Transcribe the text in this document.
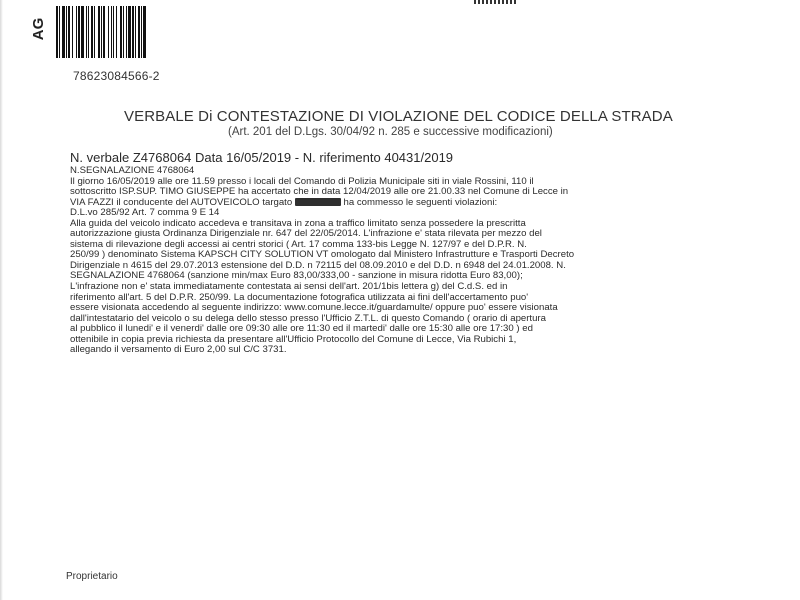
AG
78623084566-2
VERBALE Di CONTESTAZIONE DI VIOLAZIONE DEL CODICE DELLA STRADA
(Art. 201 del D.Lgs. 30/04/92 n. 285 e successive modificazioni)
N. verbale Z4768064 Data 16/05/2019 - N. riferimento 40431/2019
N.SEGNALAZIONE 4768064
Il giorno 16/05/2019 alle ore 11.59 presso i locali del Comando di Polizia Municipale siti in viale Rossini, 110 il
sottoscritto ISP.SUP. TIMO GIUSEPPE ha accertato che in data 12/04/2019 alle ore 21.00.33 nel Comune di Lecce in
VIA FAZZI il conducente del AUTOVEICOLO targato	ha commesso le seguenti violazioni:
D.L.vo 285/92 Art. 7 comma 9 E 14
Alla guida del veicolo indicato accedeva e transitava in zona a traffico limitato senza possedere la prescritta
autorizzazione giusta Ordinanza Dirigenziale nr. 647 del 22/05/2014. L'infrazione e' stata rilevata per mezzo del
sistema di rilevazione degli accessi ai centri storici ( Art. 17 comma 133-bis Legge N. 127/97 e del D.P.R. N.
250/99 ) denominato Sistema KAPSCH CITY SOLUTION VT omologato dal Ministero Infrastrutture e Trasporti Decreto
Dirigenziale n 4615 del 29.07.2013 estensione del D.D. n 72115 del 08.09.2010 e del D.D. n 6948 del 24.01.2008. N.
SEGNALAZIONE 4768064 (sanzione min/max Euro 83,00/333,00 - sanzione in misura ridotta Euro 83,00);
L'infrazione non e' stata immediatamente contestata ai sensi dell'art. 201/1bis lettera g) del C.d.S. ed in
riferimento all'art. 5 del D.P.R. 250/99. La documentazione fotografica utilizzata ai fini dell'accertamento puo'
essere visionata accedendo al seguente indirizzo: www.comune.lecce.it/guardamulte/ oppure puo' essere visionata
dall'intestatario del veicolo o su delega dello stesso presso l'Ufficio Z.T.L. di questo Comando ( orario di apertura
al pubblico il lunedi' e il venerdi' dalle ore 09:30 alle ore 11:30 ed il martedi' dalle ore 15:30 alle ore 17:30 ) ed
ottenibile in copia previa richiesta da presentare all'Ufficio Protocollo del Comune di Lecce, Via Rubichi 1,
allegando il versamento di Euro 2,00 sul C/C 3731.
Proprietario
